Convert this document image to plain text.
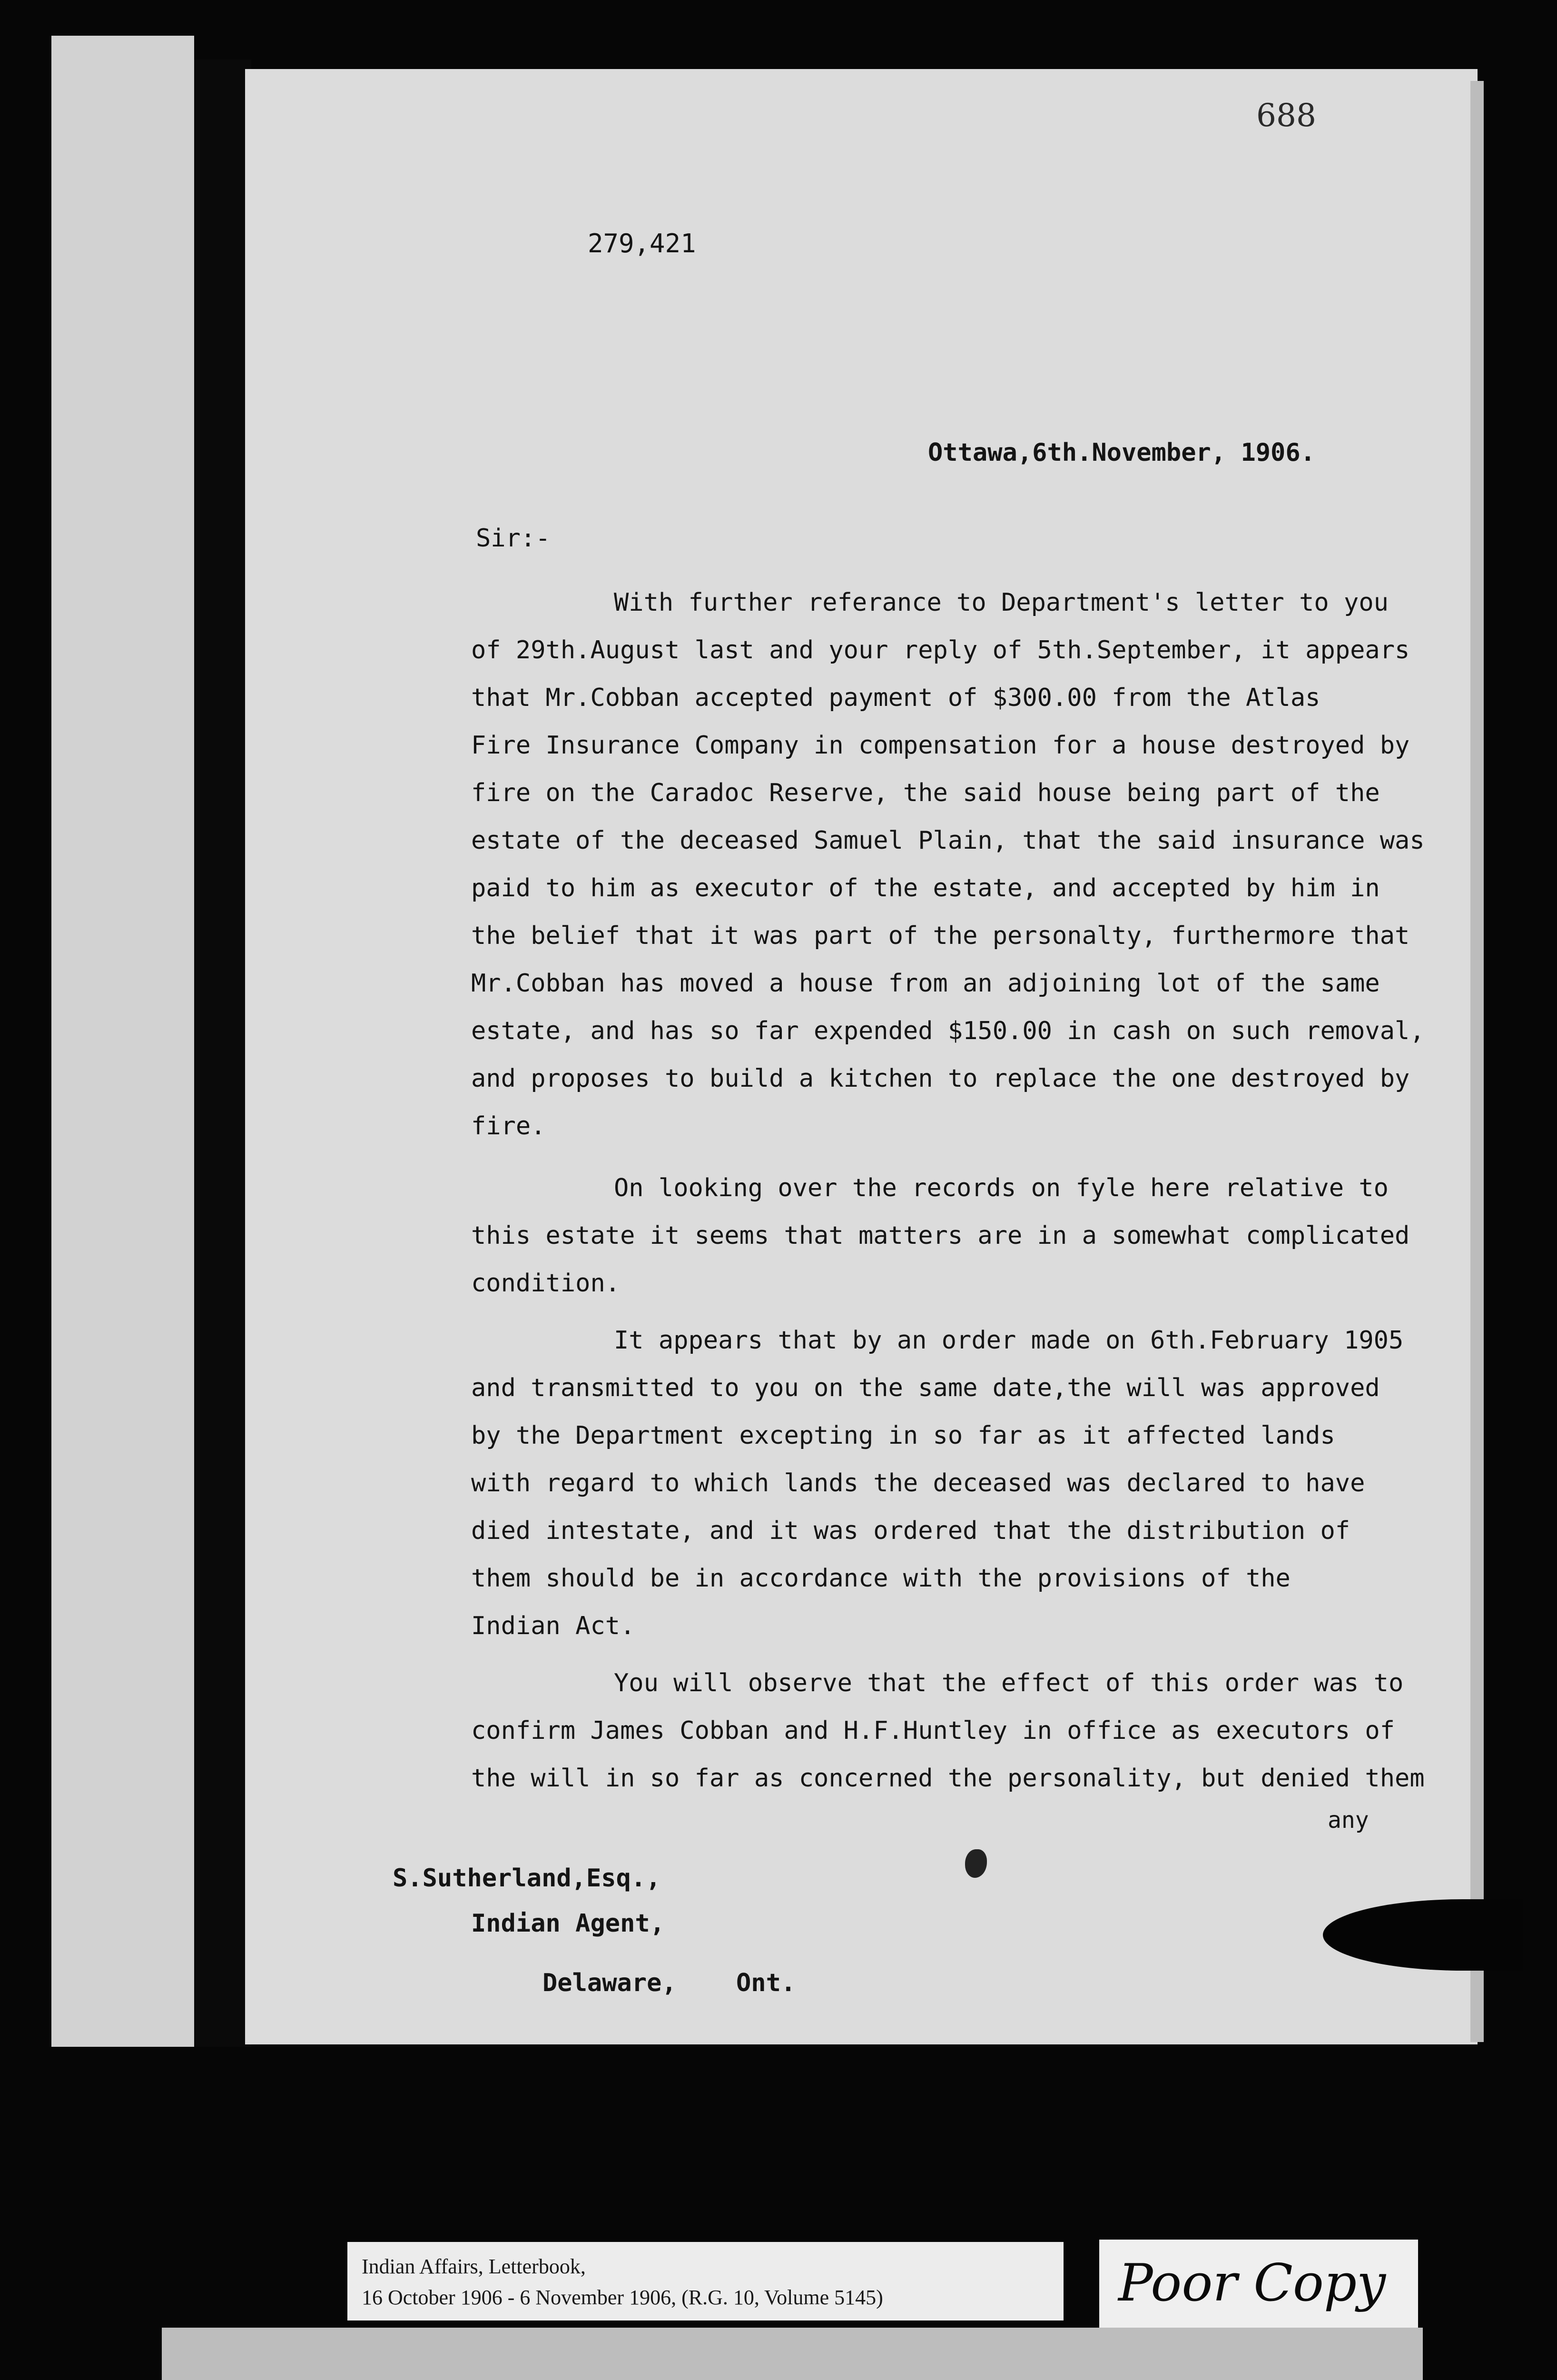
688
279,421
Ottawa,6th.November, 1906.
Sir:-
With further referance to Department's letter to you
of 29th.August last and your reply of 5th.September, it appears
that Mr.Cobban accepted payment of $300.00 from the Atlas
Fire Insurance Company in compensation for a house destroyed by
fire on the Caradoc Reserve, the said house being part of the
estate of the deceased Samuel Plain, that the said insurance was
paid to him as executor of the estate, and accepted by him in
the belief that it was part of the personalty, furthermore that
Mr.Cobban has moved a house from an adjoining lot of the same
estate, and has so far expended $150.00 in cash on such removal,
and proposes to build a kitchen to replace the one destroyed by
fire.
On looking over the records on fyle here relative to
this estate it seems that matters are in a somewhat complicated
condition.
It appears that by an order made on 6th.February 1905
and transmitted to you on the same date,the will was approved
by the Department excepting in so far as it affected lands
with regard to which lands the deceased was declared to have
died intestate, and it was ordered that the distribution of
them should be in accordance with the provisions of the
Indian Act.
You will observe that the effect of this order was to
confirm James Cobban and H.F.Huntley in office as executors of
the will in so far as concerned the personality, but denied them
any
S.Sutherland,Esq.,
Indian Agent,
Delaware,    Ont.
Indian Affairs, Letterbook,
16 October 1906 - 6 November 1906, (R.G. 10, Volume 5145)	Poor Copy
